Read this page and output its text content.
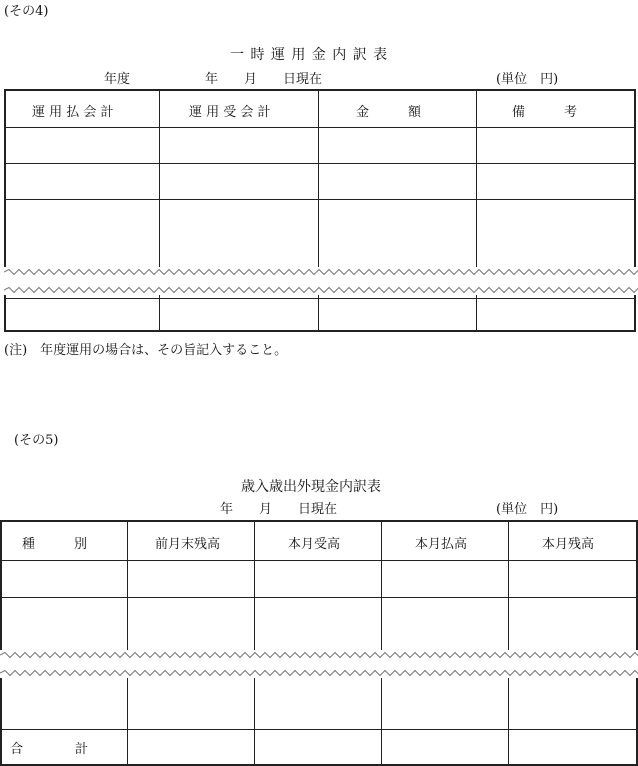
(その4)
一 時 運 用 金 内 訳 表
年度	年　　月　　日現在	(単位　円)
運 用 払 会 計	運 用 受 会 計	金　　　額	備　　　考
(注)　年度運用の場合は、その旨記入すること。
(その5)
歳入歳出外現金内訳表
年　　月　　日現在	(単位　円)
種　　　別	前月末残高	本月受高	本月払高	本月残高
合　　　　計
